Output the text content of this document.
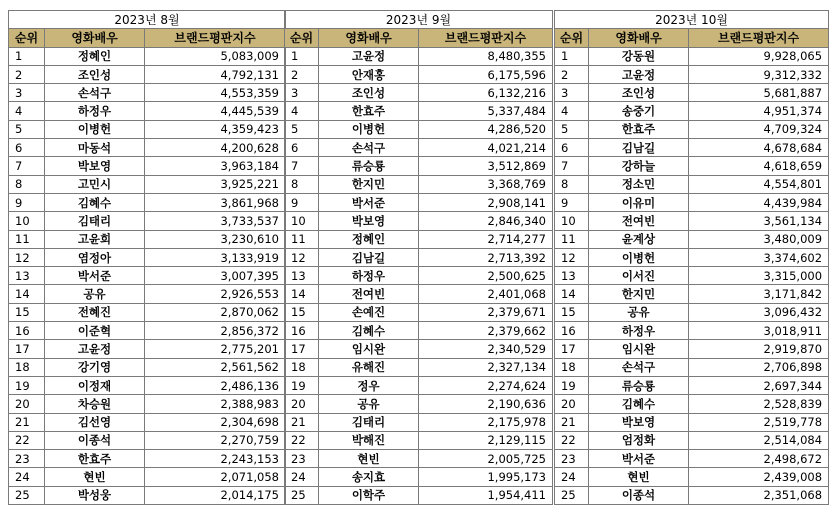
2023년 8월		
순위	영화배우	브랜드평판지수
1	정혜인	5,083,009
2	조인성	4,792,131
3	손석구	4,553,359
4	하정우	4,445,539
5	이병헌	4,359,423
6	마동석	4,200,628
7	박보영	3,963,184
8	고민시	3,925,221
9	김혜수	3,861,968
10	김태리	3,733,537
11	고윤희	3,230,610
12	염정아	3,133,919
13	박서준	3,007,395
14	공유	2,926,553
15	전혜진	2,870,062
16	이준혁	2,856,372
17	고윤정	2,775,201
18	강기영	2,561,562
19	이정재	2,486,136
20	차승원	2,388,983
21	김선영	2,304,698
22	이종석	2,270,759
23	한효주	2,243,153
24	현빈	2,071,058
25	박성웅	2,014,175
2023년 9월		
순위	영화배우	브랜드평판지수
1	고윤정	8,480,355
2	안재홍	6,175,596
3	조인성	6,132,216
4	한효주	5,337,484
5	이병헌	4,286,520
6	손석구	4,021,214
7	류승룡	3,512,869
8	한지민	3,368,769
9	박서준	2,908,141
10	박보영	2,846,340
11	정혜인	2,714,277
12	김남길	2,713,392
13	하정우	2,500,625
14	전여빈	2,401,068
15	손예진	2,379,671
16	김혜수	2,379,662
17	임시완	2,340,529
18	유해진	2,327,134
19	정우	2,274,624
20	공유	2,190,636
21	김태리	2,175,978
22	박해진	2,129,115
23	현빈	2,005,725
24	송지효	1,995,173
25	이학주	1,954,411
2023년 10월		
순위	영화배우	브랜드평판지수
1	강동원	9,928,065
2	고윤정	9,312,332
3	조인성	5,681,887
4	송중기	4,951,374
5	한효주	4,709,324
6	김남길	4,678,684
7	강하늘	4,618,659
8	정소민	4,554,801
9	이유미	4,439,984
10	전여빈	3,561,134
11	윤계상	3,480,009
12	이병헌	3,374,602
13	이서진	3,315,000
14	한지민	3,171,842
15	공유	3,096,432
16	하정우	3,018,911
17	임시완	2,919,870
18	손석구	2,706,898
19	류승룡	2,697,344
20	김혜수	2,528,839
21	박보영	2,519,778
22	엄정화	2,514,084
23	박서준	2,498,672
24	현빈	2,439,008
25	이종석	2,351,068
